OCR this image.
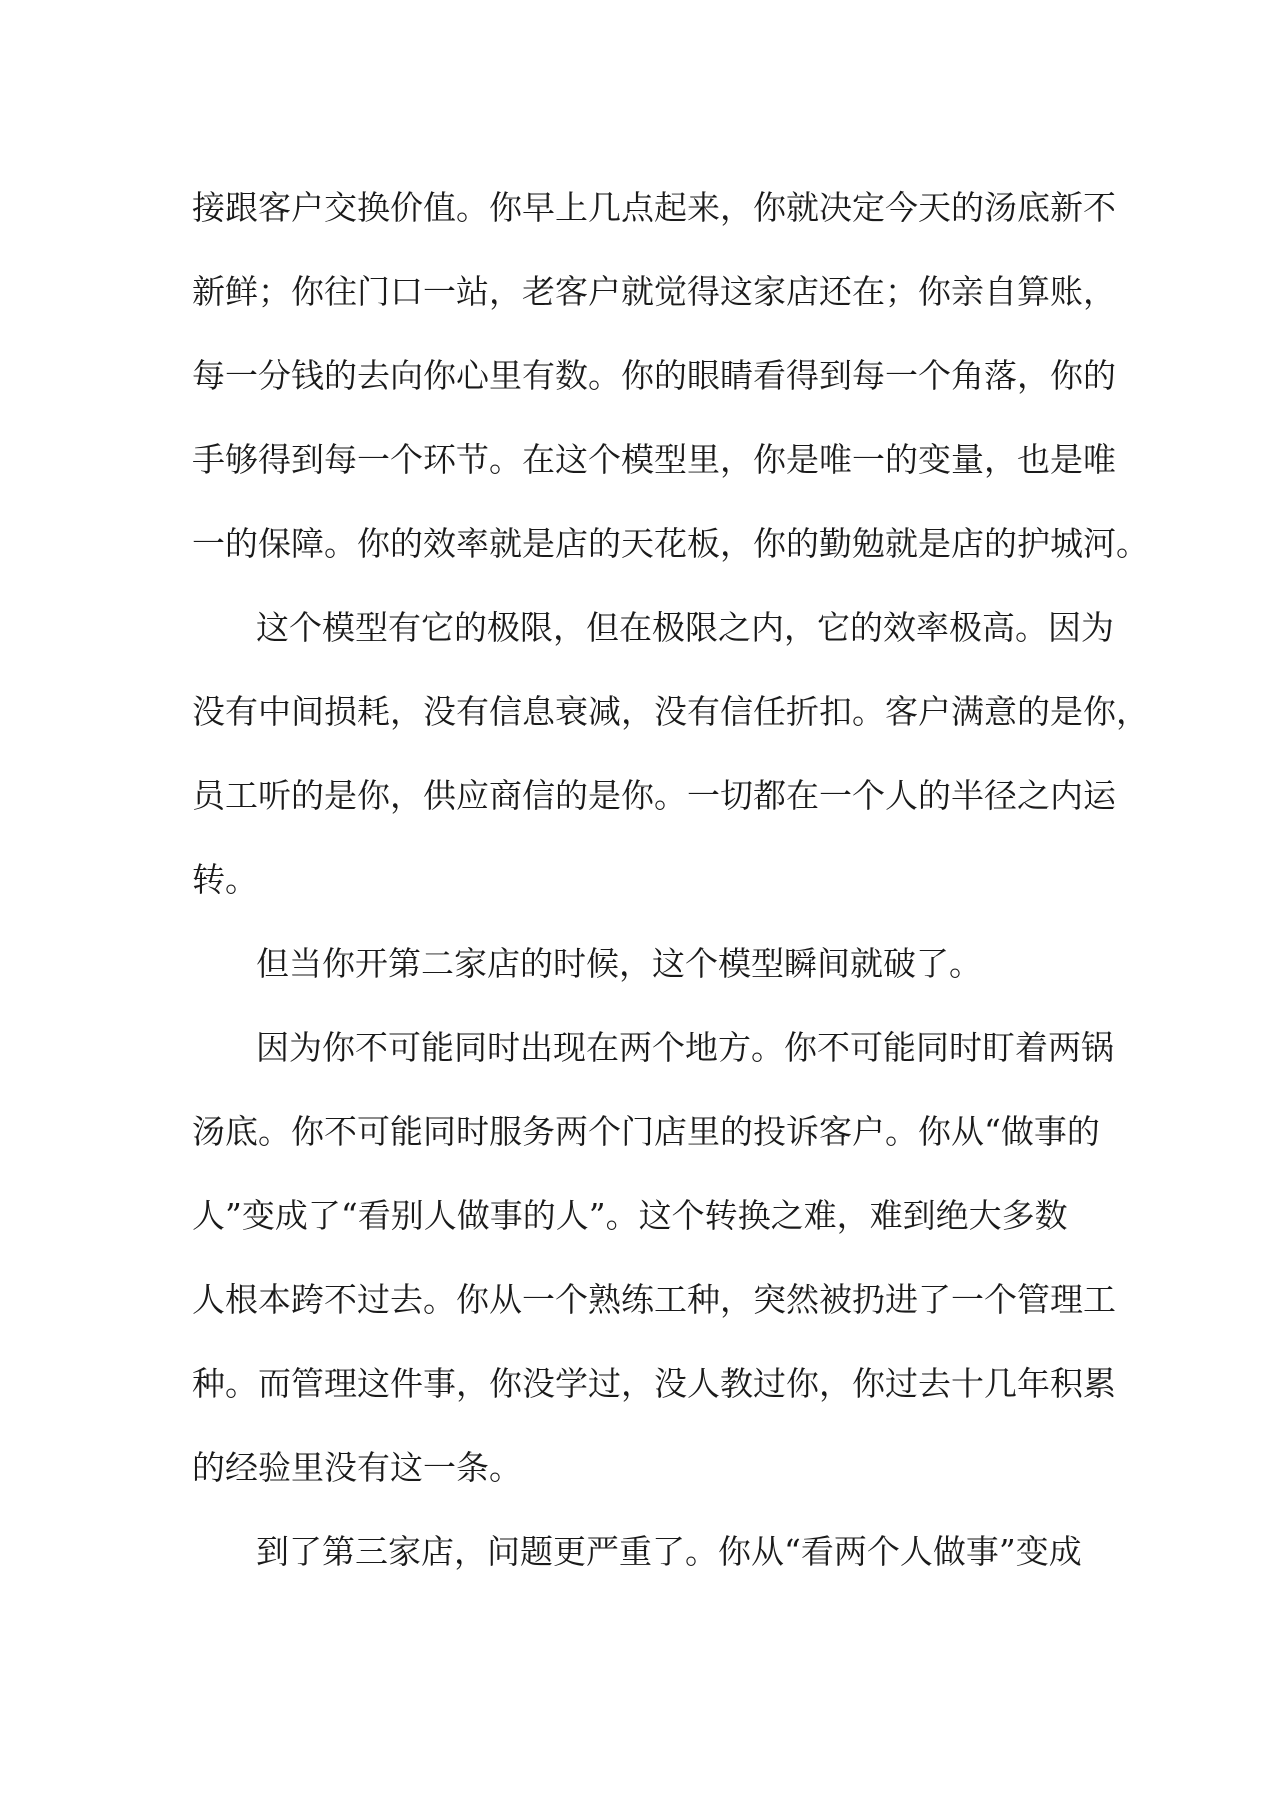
接跟客户交换价值。你早上几点起来，你就决定今天的汤底新不
新鲜；你往门口一站，老客户就觉得这家店还在；你亲自算账，
每一分钱的去向你心里有数。你的眼睛看得到每一个角落，你的
手够得到每一个环节。在这个模型里，你是唯一的变量，也是唯
一的保障。你的效率就是店的天花板，你的勤勉就是店的护城河。
这个模型有它的极限，但在极限之内，它的效率极高。因为
没有中间损耗，没有信息衰减，没有信任折扣。客户满意的是你，
员工听的是你，供应商信的是你。一切都在一个人的半径之内运
转。
但当你开第二家店的时候，这个模型瞬间就破了。
因为你不可能同时出现在两个地方。你不可能同时盯着两锅
汤底。你不可能同时服务两个门店里的投诉客户。你从“做事的
人”变成了“看别人做事的人”。这个转换之难，难到绝大多数
人根本跨不过去。你从一个熟练工种，突然被扔进了一个管理工
种。而管理这件事，你没学过，没人教过你，你过去十几年积累
的经验里没有这一条。
到了第三家店，问题更严重了。你从“看两个人做事”变成
